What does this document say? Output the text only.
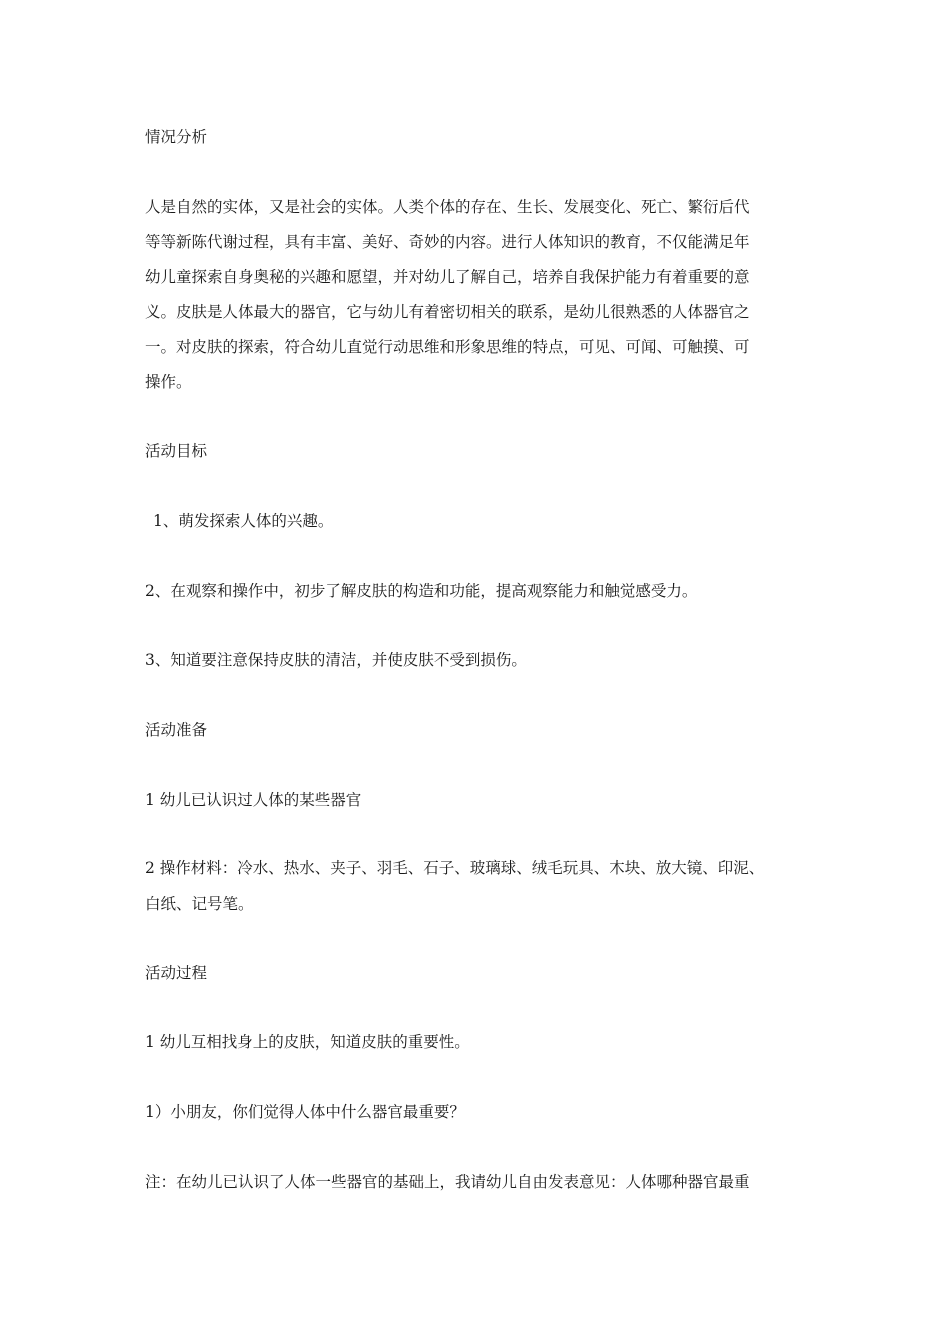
情况分析

人是自然的实体，又是社会的实体。人类个体的存在、生长、发展变化、死亡、繁衍后代

等等新陈代谢过程，具有丰富、美好、奇妙的内容。进行人体知识的教育，不仅能满足年

幼儿童探索自身奥秘的兴趣和愿望，并对幼儿了解自己，培养自我保护能力有着重要的意

义。皮肤是人体最大的器官，它与幼儿有着密切相关的联系，是幼儿很熟悉的人体器官之

一。对皮肤的探索，符合幼儿直觉行动思维和形象思维的特点，可见、可闻、可触摸、可

操作。

活动目标

1、萌发探索人体的兴趣。

2、在观察和操作中，初步了解皮肤的构造和功能，提高观察能力和触觉感受力。

3、知道要注意保持皮肤的清洁，并使皮肤不受到损伤。

活动准备

1 幼儿已认识过人体的某些器官

2 操作材料：冷水、热水、夹子、羽毛、石子、玻璃球、绒毛玩具、木块、放大镜、印泥、

白纸、记号笔。

活动过程

1 幼儿互相找身上的皮肤，知道皮肤的重要性。

1）小朋友，你们觉得人体中什么器官最重要？

注：在幼儿已认识了人体一些器官的基础上，我请幼儿自由发表意见：人体哪种器官最重
